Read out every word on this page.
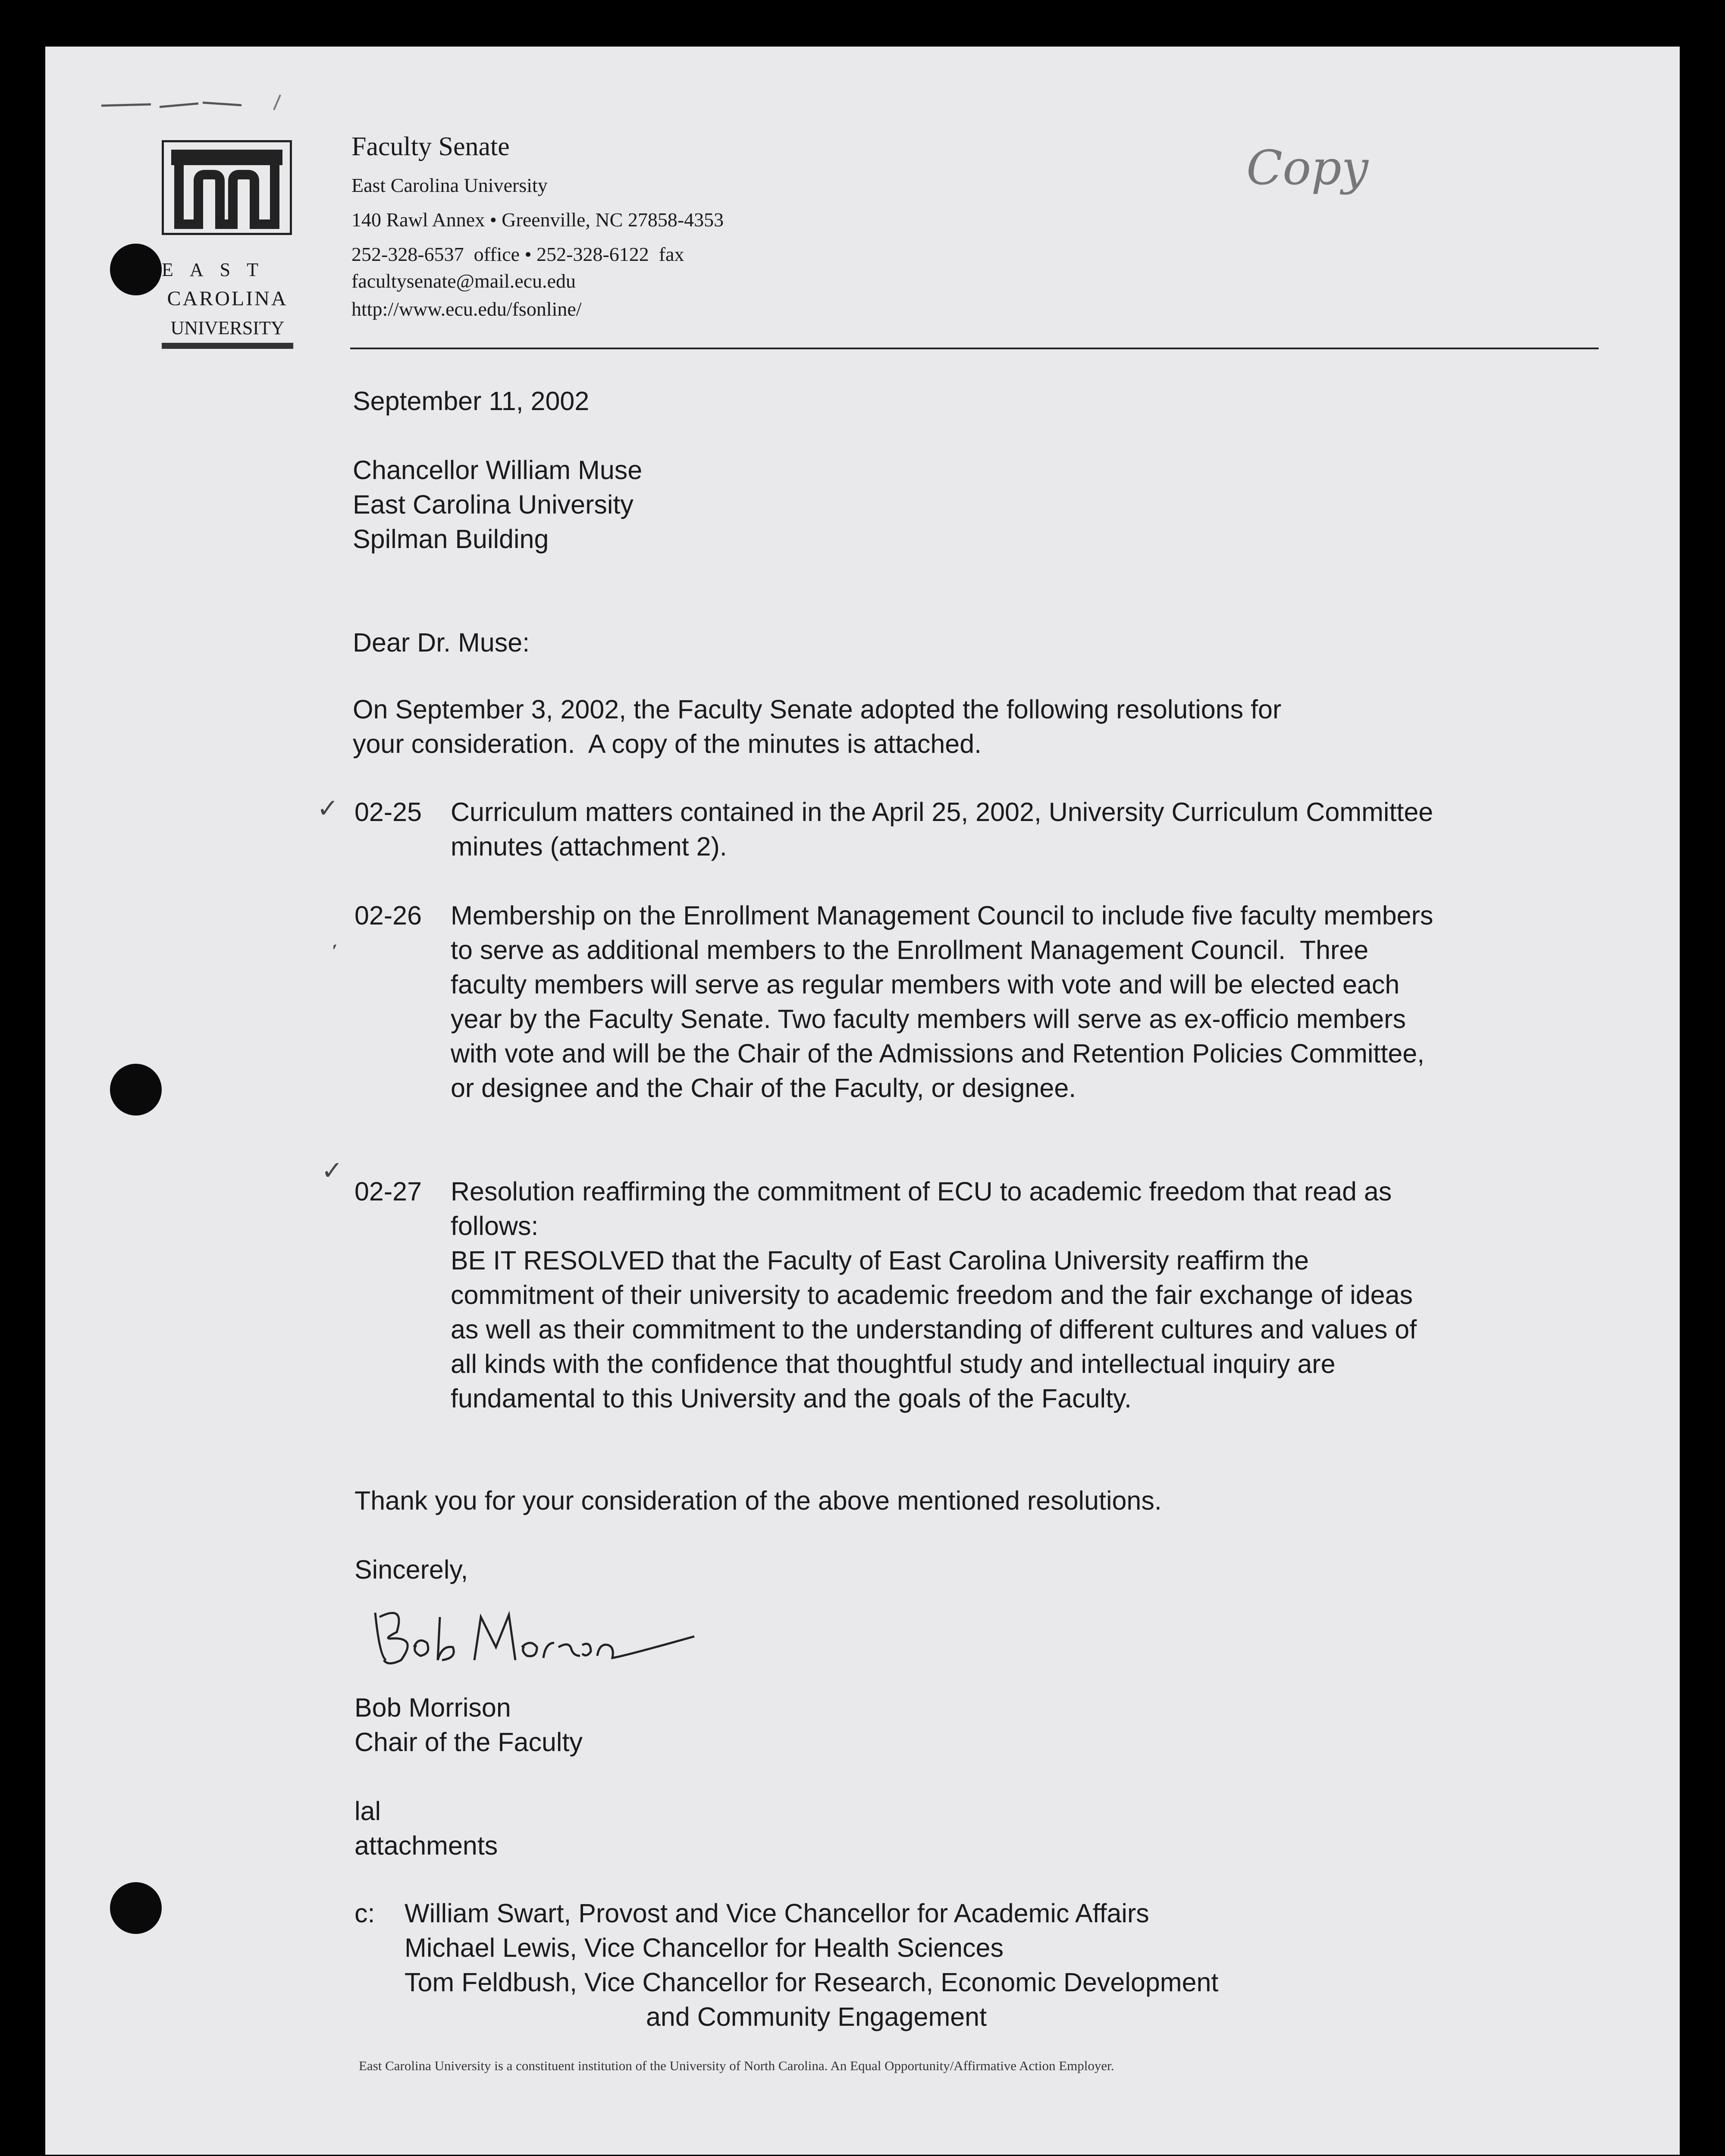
EAST
CAROLINA
UNIVERSITY
Faculty Senate
East Carolina University
140 Rawl Annex • Greenville, NC 27858-4353
252-328-6537  office • 252-328-6122  fax
facultysenate@mail.ecu.edu
http://www.ecu.edu/fsonline/
Copy
September 11, 2002
Chancellor William Muse
East Carolina University
Spilman Building
Dear Dr. Muse:
On September 3, 2002, the Faculty Senate adopted the following resolutions for
your consideration.  A copy of the minutes is attached.
✓ 02-25 Curriculum matters contained in the April 25, 2002, University Curriculum Committee minutes (attachment 2).
ˏ
02-26 Membership on the Enrollment Management Council to include five faculty members to serve as additional members to the Enrollment Management Council.  Three faculty members will serve as regular members with vote and will be elected each year by the Faculty Senate. Two faculty members will serve as ex-officio members with vote and will be the Chair of the Admissions and Retention Policies Committee, or designee and the Chair of the Faculty, or designee.
✓
02-27 Resolution reaffirming the commitment of ECU to academic freedom that read as follows:
BE IT RESOLVED that the Faculty of East Carolina University reaffirm the commitment of their university to academic freedom and the fair exchange of ideas as well as their commitment to the understanding of different cultures and values of all kinds with the confidence that thoughtful study and intellectual inquiry are fundamental to this University and the goals of the Faculty.
Thank you for your consideration of the above mentioned resolutions.
Sincerely,
Bob Morrison
Chair of the Faculty
lal
attachments
c: William Swart, Provost and Vice Chancellor for Academic Affairs
Michael Lewis, Vice Chancellor for Health Sciences
Tom Feldbush, Vice Chancellor for Research, Economic Development
and Community Engagement
East Carolina University is a constituent institution of the University of North Carolina. An Equal Opportunity/Affirmative Action Employer.
